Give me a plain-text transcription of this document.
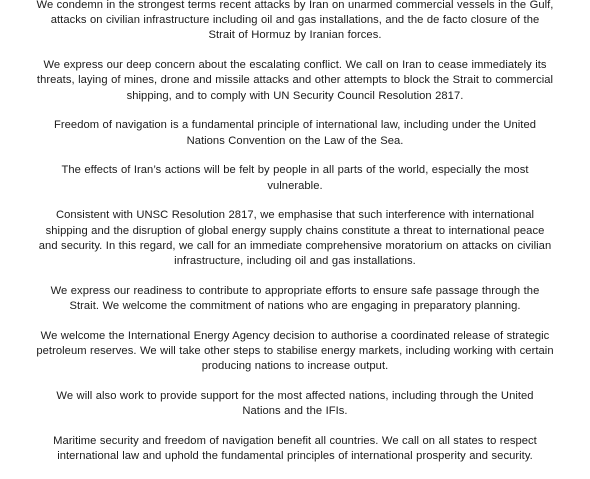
We condemn in the strongest terms recent attacks by Iran on unarmed commercial vessels in the Gulf, attacks on civilian infrastructure including oil and gas installations, and the de facto closure of the Strait of Hormuz by Iranian forces.

We express our deep concern about the escalating conflict. We call on Iran to cease immediately its threats, laying of mines, drone and missile attacks and other attempts to block the Strait to commercial shipping, and to comply with UN Security Council Resolution 2817.

Freedom of navigation is a fundamental principle of international law, including under the United Nations Convention on the Law of the Sea.

The effects of Iran’s actions will be felt by people in all parts of the world, especially the most vulnerable.

Consistent with UNSC Resolution 2817, we emphasise that such interference with international shipping and the disruption of global energy supply chains constitute a threat to international peace and security. In this regard, we call for an immediate comprehensive moratorium on attacks on civilian infrastructure, including oil and gas installations.

We express our readiness to contribute to appropriate efforts to ensure safe passage through the Strait. We welcome the commitment of nations who are engaging in preparatory planning.

We welcome the International Energy Agency decision to authorise a coordinated release of strategic petroleum reserves. We will take other steps to stabilise energy markets, including working with certain producing nations to increase output.

We will also work to provide support for the most affected nations, including through the United Nations and the IFIs.

Maritime security and freedom of navigation benefit all countries. We call on all states to respect international law and uphold the fundamental principles of international prosperity and security.
